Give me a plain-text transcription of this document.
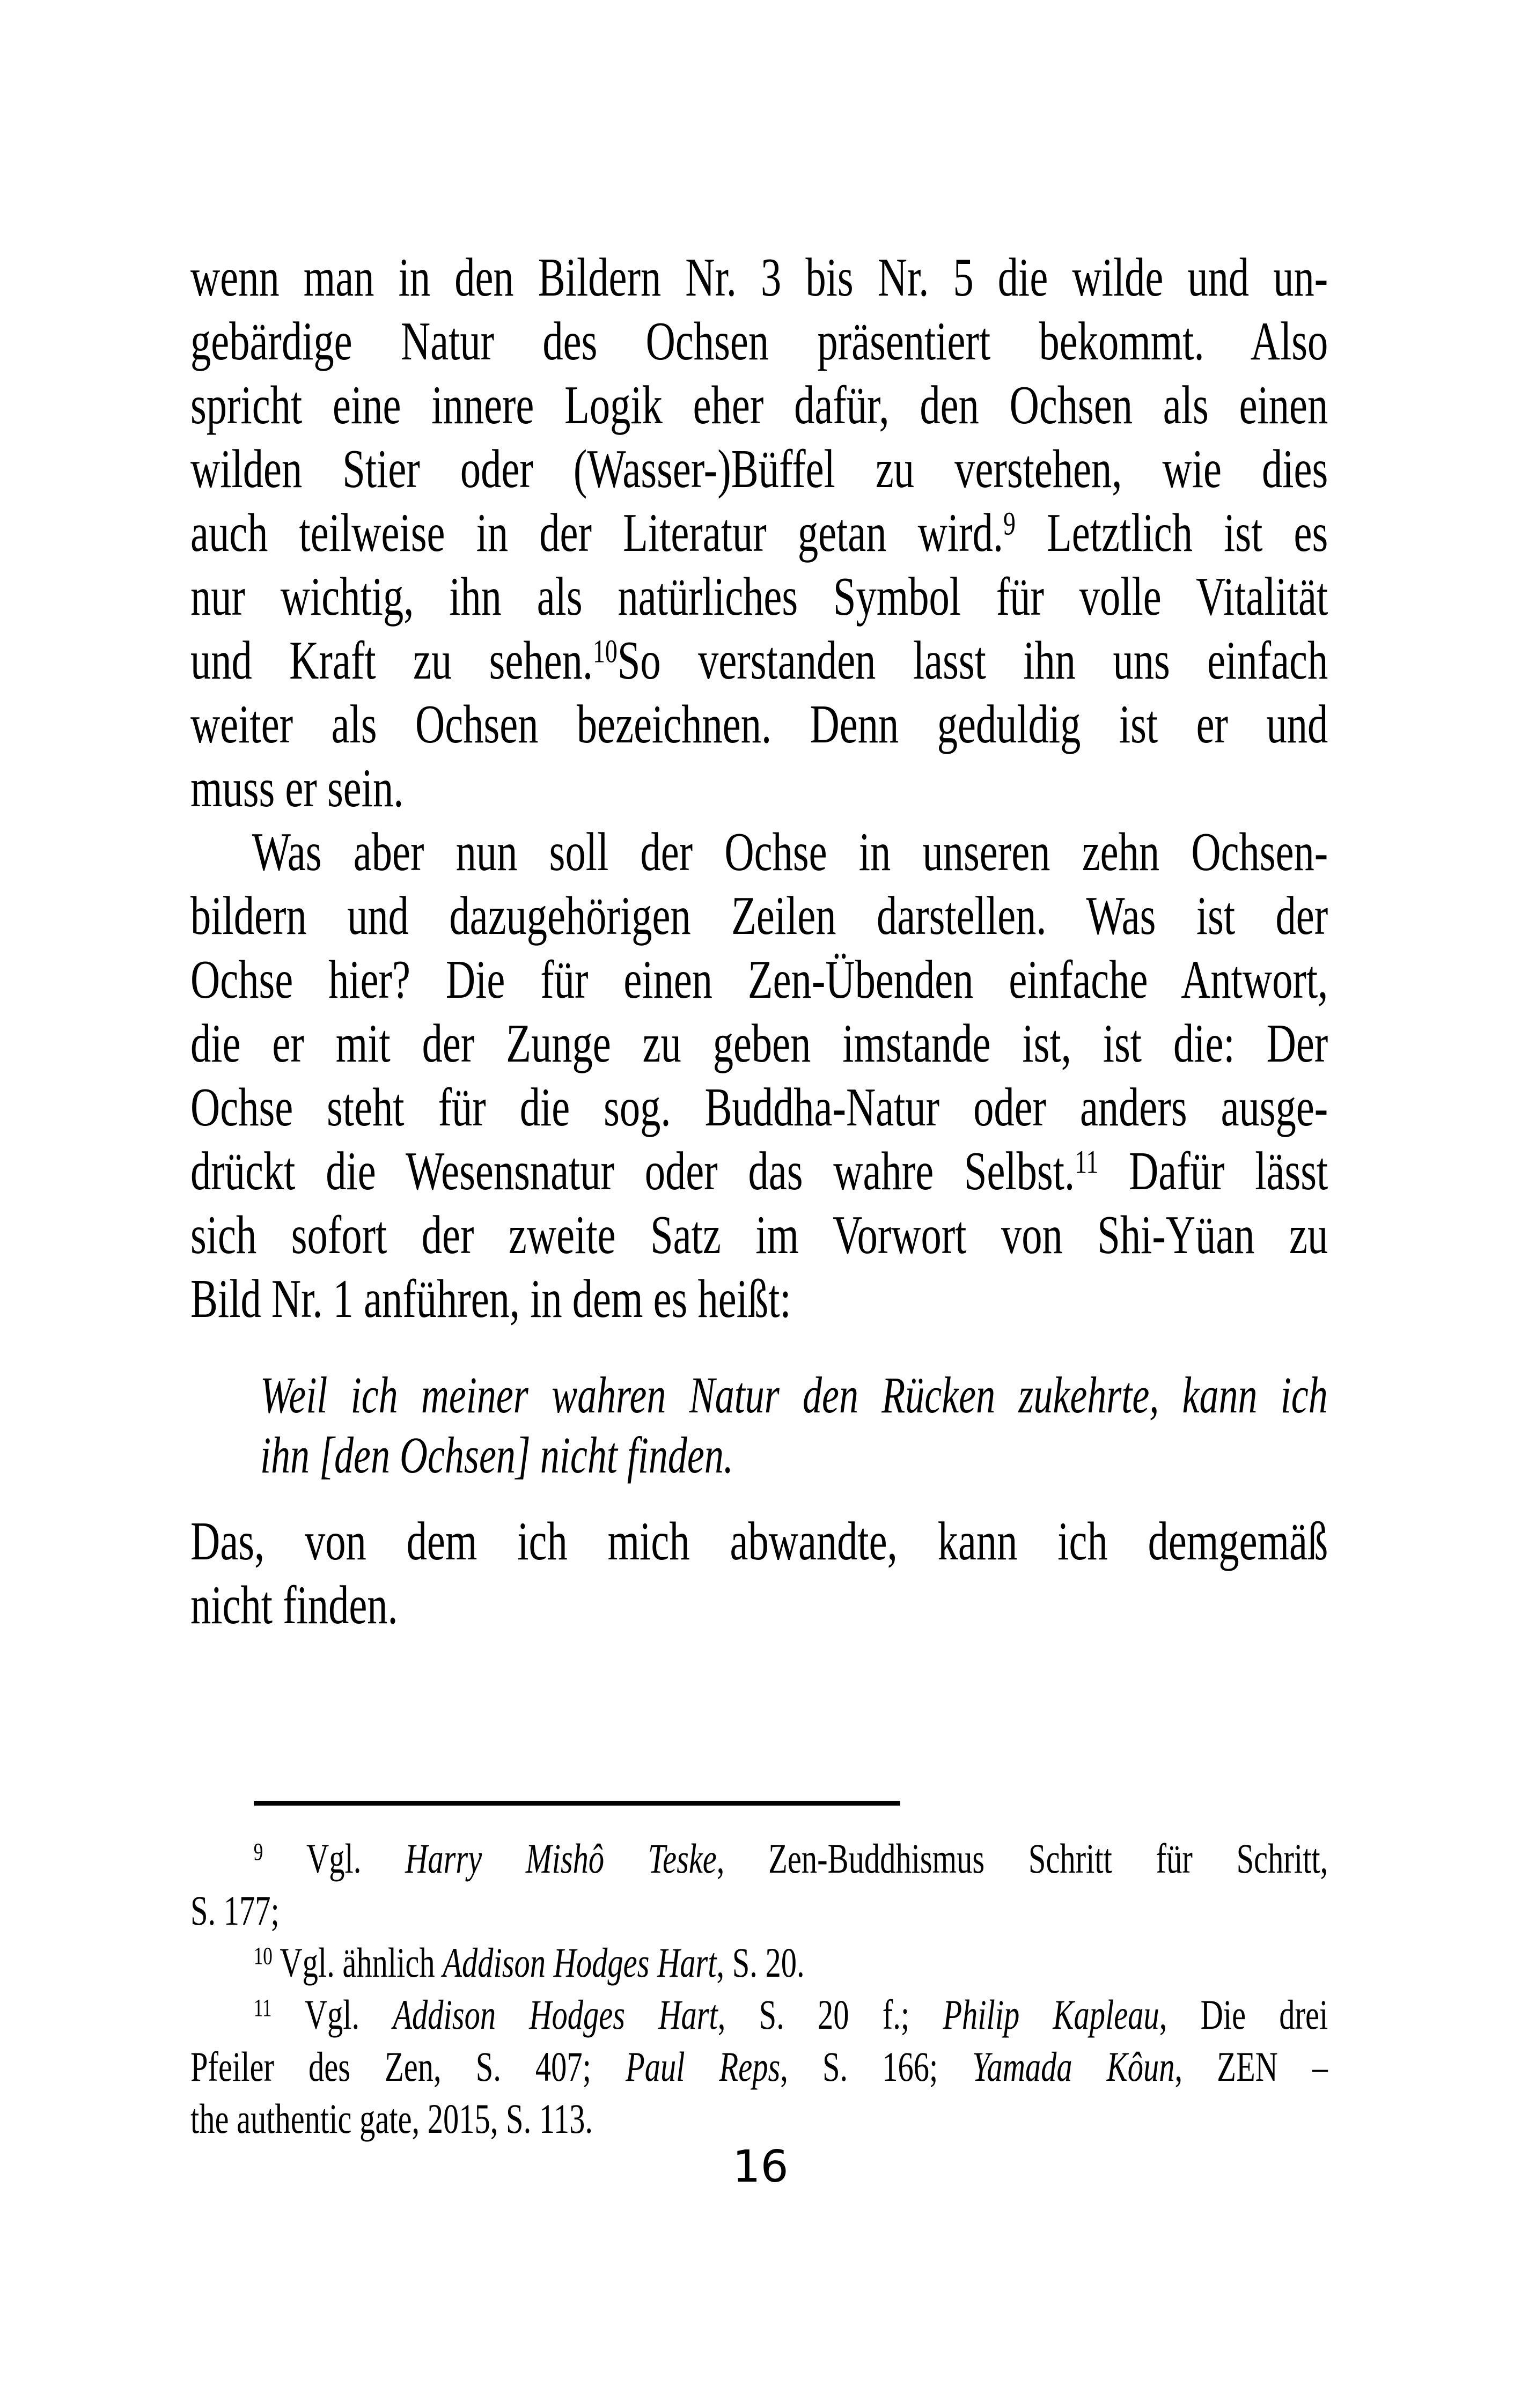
wenn man in den Bildern Nr. 3 bis Nr. 5 die wilde und un-
gebärdige Natur des Ochsen präsentiert bekommt. Also
spricht eine innere Logik eher dafür, den Ochsen als einen
wilden Stier oder (Wasser-)Büffel zu verstehen, wie dies
auch teilweise in der Literatur getan wird.$^9$ Letztlich ist es
nur wichtig, ihn als natürliches Symbol für volle Vitalität
und Kraft zu sehen.$^{10}$So verstanden lasst ihn uns einfach
weiter als Ochsen bezeichnen. Denn geduldig ist er und
muss er sein.
Was aber nun soll der Ochse in unseren zehn Ochsen-
bildern und dazugehörigen Zeilen darstellen. Was ist der
Ochse hier? Die für einen Zen-Übenden einfache Antwort,
die er mit der Zunge zu geben imstande ist, ist die: Der
Ochse steht für die sog. Buddha-Natur oder anders ausge-
drückt die Wesensnatur oder das wahre Selbst.$^{11}$ Dafür lässt
sich sofort der zweite Satz im Vorwort von Shi-Yüan zu
Bild Nr. 1 anführen, in dem es heißt:
Weil ich meiner wahren Natur den Rücken zukehrte, kann ich
ihn [den Ochsen] nicht finden.
Das, von dem ich mich abwandte, kann ich demgemäß
nicht finden.
$^9$ Vgl. Harry Mishô Teske, Zen-Buddhismus Schritt für Schritt,
S. 177;
$^{10}$ Vgl. ähnlich Addison Hodges Hart, S. 20.
$^{11}$ Vgl. Addison Hodges Hart, S. 20 f.; Philip Kapleau, Die drei
Pfeiler des Zen, S. 407; Paul Reps, S. 166; Yamada Kôun, ZEN –
the authentic gate, 2015, S. 113.
16
